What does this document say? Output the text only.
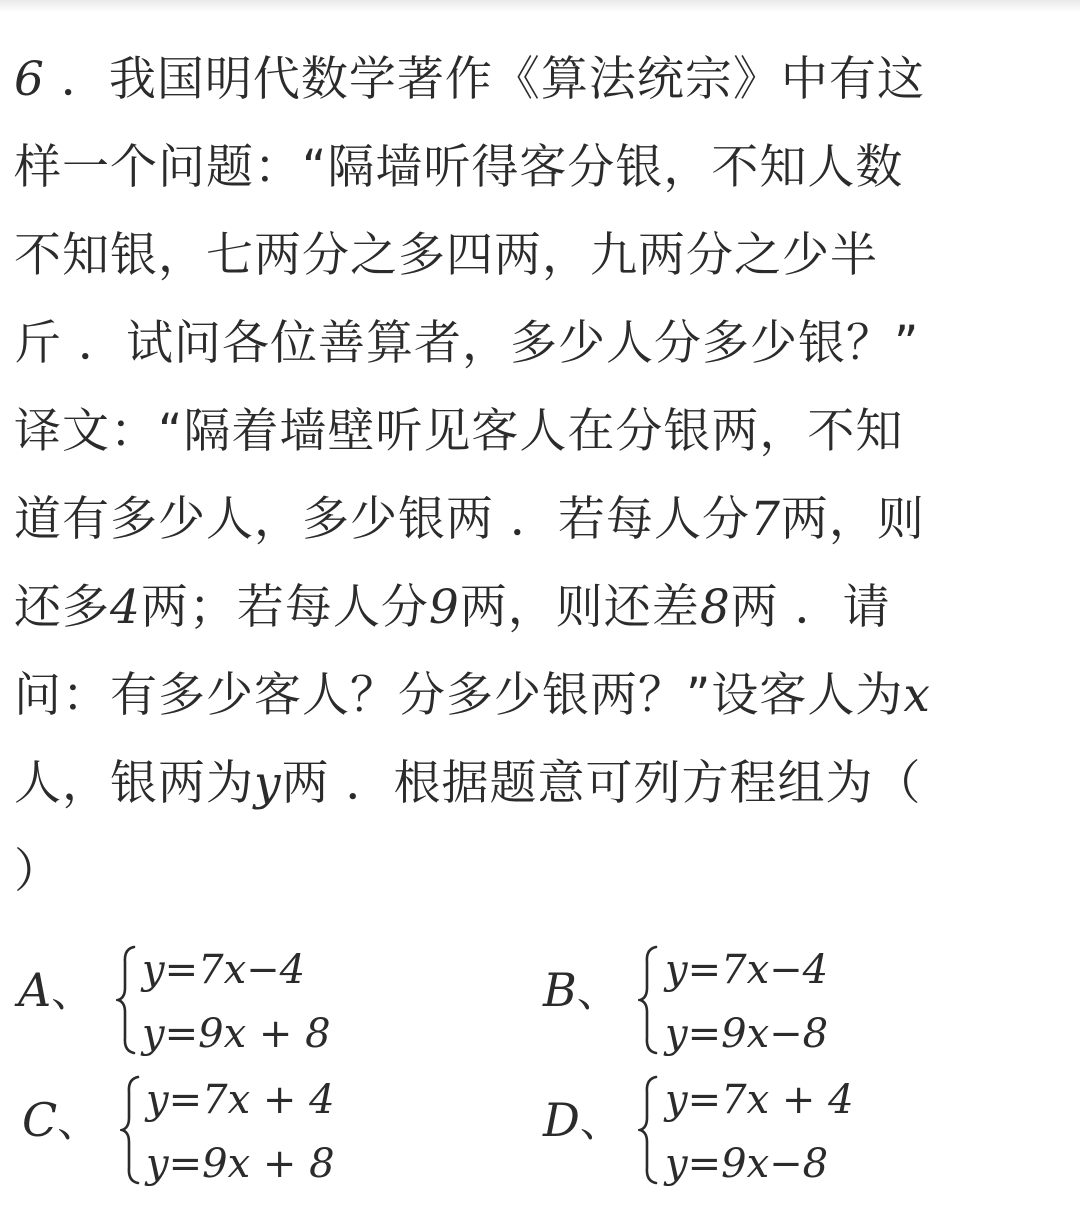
6 ．我国明代数学著作《算法统宗》中有这
样一个问题：“隔墙听得客分银，不知人数
不知银，七两分之多四两，九两分之少半
斤 ．试问各位善算者，多少人分多少银？”
译文：“隔着墙壁听见客人在分银两，不知
道有多少人，多少银两 ．若每人分7两，则
还多4两；若每人分9两，则还差8两 ．请
问：有多少客人？分多少银两？”设客人为x
人，银两为y两 ．根据题意可列方程组为（
）
A、 y=7x−4
y=9x + 8
B、 y=7x−4
y=9x−8
C、 y=7x + 4
y=9x + 8
D、 y=7x + 4
y=9x−8
